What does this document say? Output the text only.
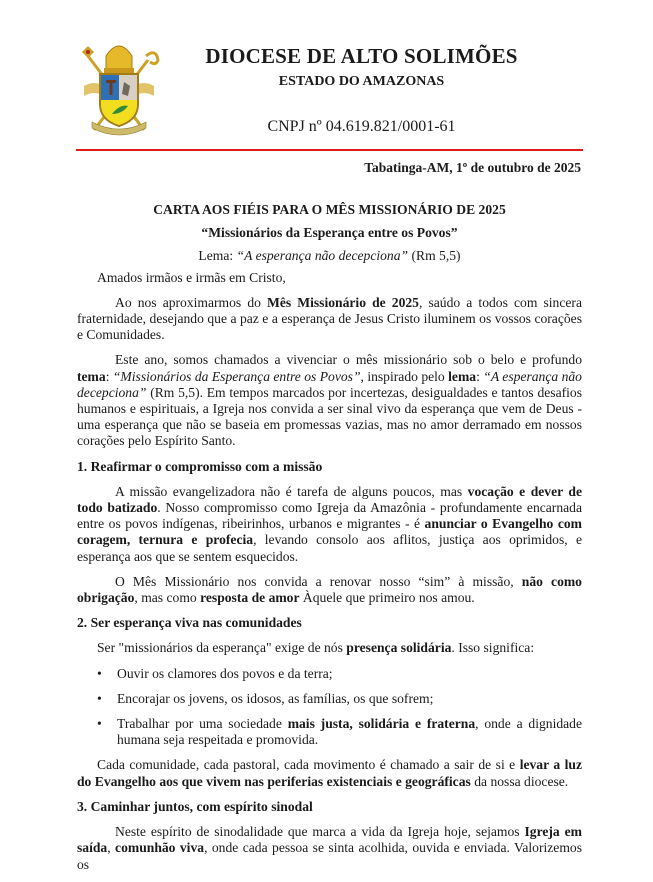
DIOCESE DE ALTO SOLIMÕES
ESTADO DO AMAZONAS
CNPJ nº 04.619.821/0001-61
Tabatinga-AM, 1º de outubro de 2025
CARTA AOS FIÉIS PARA O MÊS MISSIONÁRIO DE 2025
“Missionários da Esperança entre os Povos”
Lema: “A esperança não decepciona” (Rm 5,5)

Amados irmãos e irmãs em Cristo,

Ao nos aproximarmos do Mês Missionário de 2025, saúdo a todos com sincera fraternidade, desejando que a paz e a esperança de Jesus Cristo iluminem os vossos corações e Comunidades.

Este ano, somos chamados a vivenciar o mês missionário sob o belo e profundo tema: “Missionários da Esperança entre os Povos”, inspirado pelo lema: “A esperança não decepciona” (Rm 5,5). Em tempos marcados por incertezas, desigualdades e tantos desafios humanos e espirituais, a Igreja nos convida a ser sinal vivo da esperança que vem de Deus - uma esperança que não se baseia em promessas vazias, mas no amor derramado em nossos corações pelo Espírito Santo.

1. Reafirmar o compromisso com a missão

A missão evangelizadora não é tarefa de alguns poucos, mas vocação e dever de todo batizado. Nosso compromisso como Igreja da Amazônia - profundamente encarnada entre os povos indígenas, ribeirinhos, urbanos e migrantes - é anunciar o Evangelho com coragem, ternura e profecia, levando consolo aos aflitos, justiça aos oprimidos, e esperança aos que se sentem esquecidos.

O Mês Missionário nos convida a renovar nosso “sim” à missão, não como obrigação, mas como resposta de amor Àquele que primeiro nos amou.

2. Ser esperança viva nas comunidades

Ser "missionários da esperança" exige de nós presença solidária. Isso significa:

• Ouvir os clamores dos povos e da terra;
• Encorajar os jovens, os idosos, as famílias, os que sofrem;
• Trabalhar por uma sociedade mais justa, solidária e fraterna, onde a dignidade humana seja respeitada e promovida.

Cada comunidade, cada pastoral, cada movimento é chamado a sair de si e levar a luz do Evangelho aos que vivem nas periferias existenciais e geográficas da nossa diocese.

3. Caminhar juntos, com espírito sinodal

Neste espírito de sinodalidade que marca a vida da Igreja hoje, sejamos Igreja em saída, comunhão viva, onde cada pessoa se sinta acolhida, ouvida e enviada. Valorizemos os
